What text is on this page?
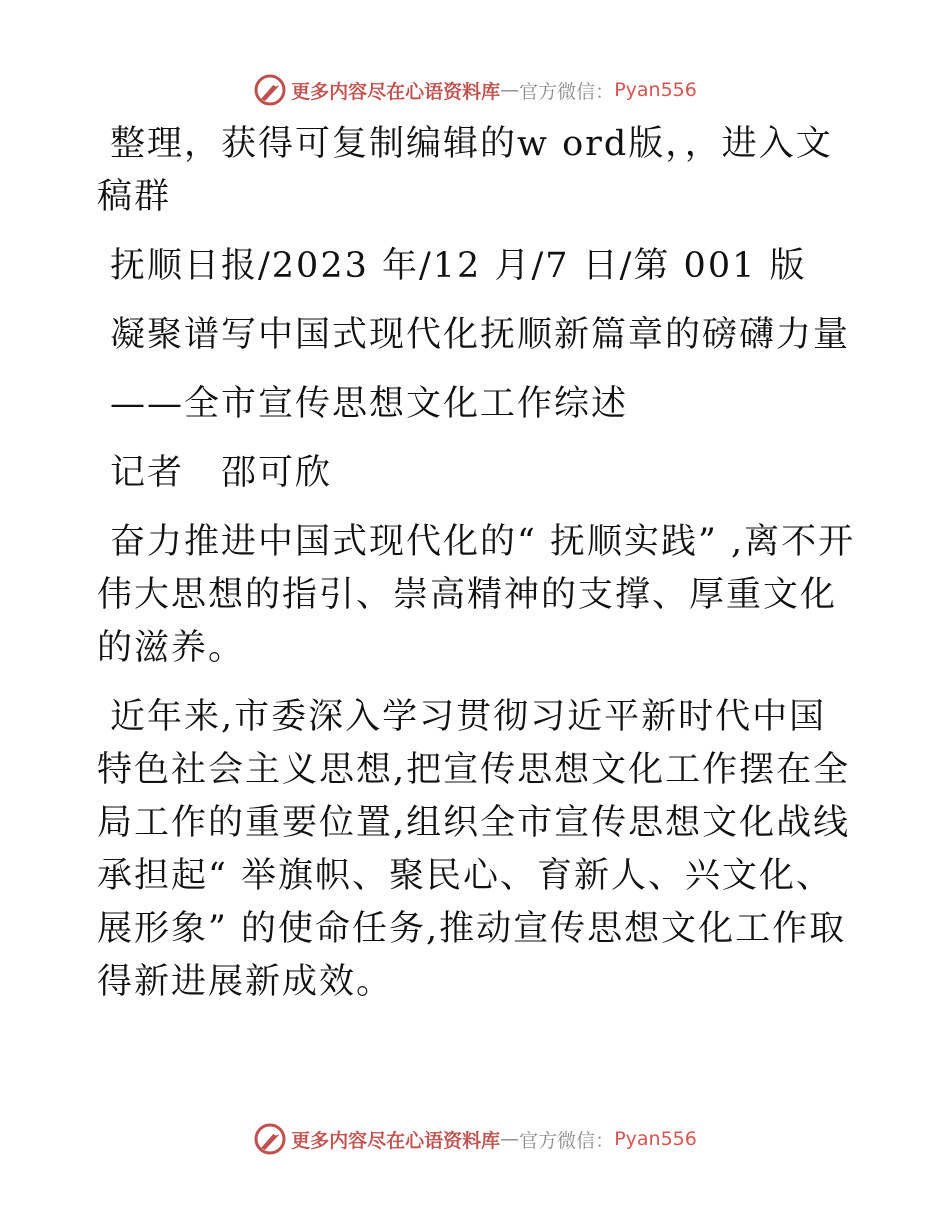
更多内容尽在心语资料库 — 官方微信： Pyan556

整理，获得可复制编辑的w ord版，，进入文稿群

抚顺日报/2023 年/12 月/7 日/第 001 版

凝聚谱写中国式现代化抚顺新篇章的磅礴力量

——全市宣传思想文化工作综述

记者　邵可欣

奋力推进中国式现代化的“ 抚顺实践” ,离不开伟大思想的指引、崇高精神的支撑、厚重文化的滋养。

近年来,市委深入学习贯彻习近平新时代中国特色社会主义思想,把宣传思想文化工作摆在全局工作的重要位置,组织全市宣传思想文化战线承担起“ 举旗帜、聚民心、育新人、兴文化、展形象” 的使命任务,推动宣传思想文化工作取得新进展新成效。

更多内容尽在心语资料库 — 官方微信： Pyan556
